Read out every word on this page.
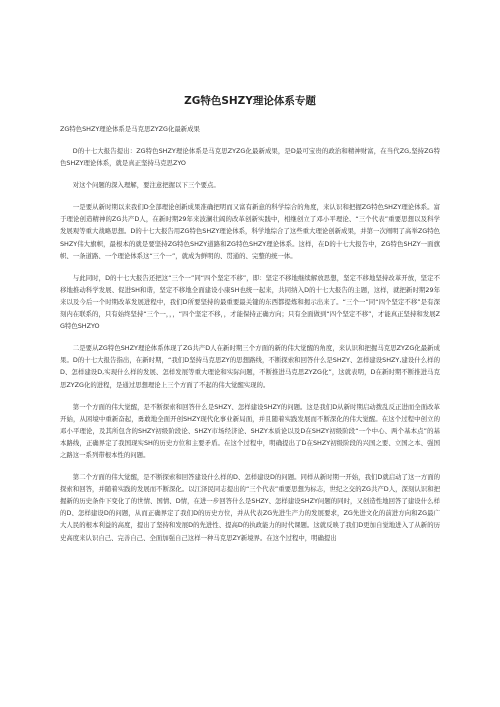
ZG特色SHZY理论体系专题
ZG特色SHZY理论体系是马克思ZYZG化最新成果

D的十七大报告提出：ZG特色SHZY理论体系是马克思ZYZG化最新成果，是D最可宝贵的政治和精神财富，在当代ZG,坚持ZG特色SHZY理论体系，就是真正坚持马克思ZYO

对这个问题的深入理解，要注意把握以下三个要点。

一是要从新时期以来我们D全部理论创新成果准确把明而又富有新意的科学综合的角度，来认识和把握ZG特色SHZY理论体系。富于理论创造精神的ZG共产D人，在新时期29年来波澜壮阔的改革创新实践中，相继创立了邓小平理论、“三个代表”重要思想以及科学发展观等重大战略思想。D的十七大报告用ZG特色SHZY理论体系，科学地综合了这些重大理论创新成果，并第一次阐明了高举ZG特色SHZY伟大旗帜，最根本的就是要坚持ZG特色SHZY道路和ZG特色SHZY理论体系。这样，在D的十七大报告中，ZG特色SHZY一面旗帜、一条道路、一个理论体系这“三个一”，就成为鲜明的、贯通的、完整的统一体。

与此同时，D的十七大报告还把这“三个一”同“四个坚定不移”，即：坚定不移地继续解放思想，坚定不移地坚持改革开放，坚定不移地推动科学发展、促进SH和谐，坚定不移地全面建设小康SH也统一起来，共同纳入D的十七大报告的主题，这样，就把新时期29年来以及今后一个时期改革发展进程中，我们D所要坚持的最重要最关键的东西都提炼和揭示出来了。“三个一”同“四个坚定不移”是有深刻内在联系的，只有始终坚持“三个一，，，“四个坚定不移，，才能保持正确方向；只有全面做到“四个坚定不移”，才能真正坚持和发展ZG特色SHZYO

二是要从ZG特色SHZY理论体系体现了ZG共产D人在新时期三个方面的新的伟大觉醒的角度，来认识和把握马克思ZYZG化最新成果。D的十七大报告指出，在新时期，“我们D坚持马克思ZY的思想路线，不断探索和回答什么是SHZY、怎样建设SHZY,建设什么样的D、怎样建设D,实现什么样的发展、怎样发展等重大理论和实际问题，不断推进马克思ZYZG化”，这就表明，D在新时期不断推进马克思ZYZG化的进程，是通过思想理论上三个方面了不起的伟大觉醒实现的。

第一个方面的伟大觉醒，是不断探索和回答什么是SHZY、怎样建设SHZY的问题。这是我们D从新时期启动拨乱反正进而全面改革开始，从困境中重新奋起，勇敢地全面开创SHZY现代化事业新局面，并且随着实践发展而不断深化的伟大觉醒。在这个过程中创立的邓小平理论，及其所包含的SHZY初级阶段论、SHZY市场经济论、SHZY本质论以及D在SHZY初级阶段“一个中心、两个基本点”的基本路线，正确界定了我国现实SH的历史方位和主要矛盾。在这个过程中，明确提出了D在SHZY初级阶段的兴国之要、立国之本、强国之路这一系列带根本性的问题。

第二个方面的伟大觉醒，是不断探索和回答建设什么样的D、怎样建设D的问题。同样从新时期一开始，我们D就启动了这一方面的探索和回答，并随着实践的发展而不断深化。以江泽民同志提出的“三个代表”重要思想为标志，世纪之交的ZG共产D人，深刻认识和把握新的历史条件下变化了的世情、国情、D情，在进一步回答什么是SHZY、怎样建设SHZY问题的同时，又创造性地回答了建设什么样的D、怎样建设D的问题，从而正确界定了我们D的历史方位，并从代表ZG先进生产力的发展要求，ZG先进文化的前进方向和ZG最广大人民的根本利益的高度，提出了坚持和发展D的先进性、提高D的执政能力的时代课题。这就反映了我们D更加自觉地进入了从新的历史高度来认识自己、完善自己、全面加强自己这样一种马克思ZY新境界。在这个过程中，明确提出
